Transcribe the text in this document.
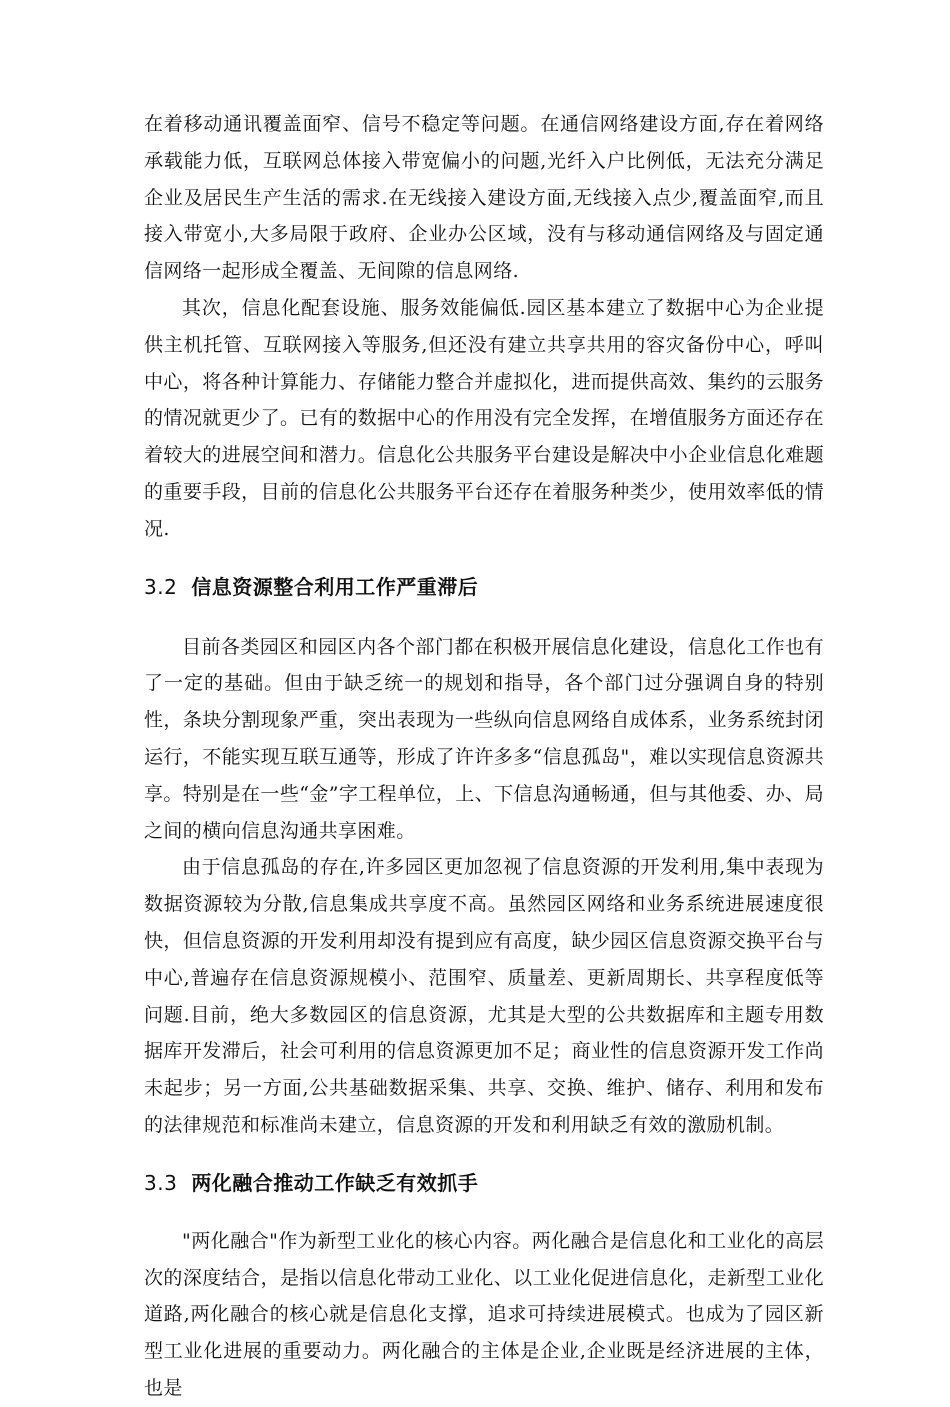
在着移动通讯覆盖面窄、信号不稳定等问题。在通信网络建设方面,存在着网络承载能力低，互联网总体接入带宽偏小的问题,光纤入户比例低，无法充分满足企业及居民生产生活的需求.在无线接入建设方面,无线接入点少,覆盖面窄,而且接入带宽小,大多局限于政府、企业办公区域，没有与移动通信网络及与固定通信网络一起形成全覆盖、无间隙的信息网络.

其次，信息化配套设施、服务效能偏低.园区基本建立了数据中心为企业提供主机托管、互联网接入等服务,但还没有建立共享共用的容灾备份中心，呼叫中心，将各种计算能力、存储能力整合并虚拟化，进而提供高效、集约的云服务的情况就更少了。已有的数据中心的作用没有完全发挥，在增值服务方面还存在着较大的进展空间和潜力。信息化公共服务平台建设是解决中小企业信息化难题的重要手段，目前的信息化公共服务平台还存在着服务种类少，使用效率低的情况.

3.2 信息资源整合利用工作严重滞后

目前各类园区和园区内各个部门都在积极开展信息化建设，信息化工作也有了一定的基础。但由于缺乏统一的规划和指导，各个部门过分强调自身的特别性，条块分割现象严重，突出表现为一些纵向信息网络自成体系，业务系统封闭运行，不能实现互联互通等，形成了许许多多“信息孤岛"，难以实现信息资源共享。特别是在一些“金”字工程单位，上、下信息沟通畅通，但与其他委、办、局之间的横向信息沟通共享困难。

由于信息孤岛的存在,许多园区更加忽视了信息资源的开发利用,集中表现为数据资源较为分散,信息集成共享度不高。虽然园区网络和业务系统进展速度很快，但信息资源的开发利用却没有提到应有高度，缺少园区信息资源交换平台与中心,普遍存在信息资源规模小、范围窄、质量差、更新周期长、共享程度低等问题.目前，绝大多数园区的信息资源，尤其是大型的公共数据库和主题专用数据库开发滞后，社会可利用的信息资源更加不足；商业性的信息资源开发工作尚未起步；另一方面,公共基础数据采集、共享、交换、维护、储存、利用和发布的法律规范和标准尚未建立，信息资源的开发和利用缺乏有效的激励机制。

3.3 两化融合推动工作缺乏有效抓手

"两化融合"作为新型工业化的核心内容。两化融合是信息化和工业化的高层次的深度结合，是指以信息化带动工业化、以工业化促进信息化，走新型工业化道路,两化融合的核心就是信息化支撑，追求可持续进展模式。也成为了园区新型工业化进展的重要动力。两化融合的主体是企业,企业既是经济进展的主体，也是
